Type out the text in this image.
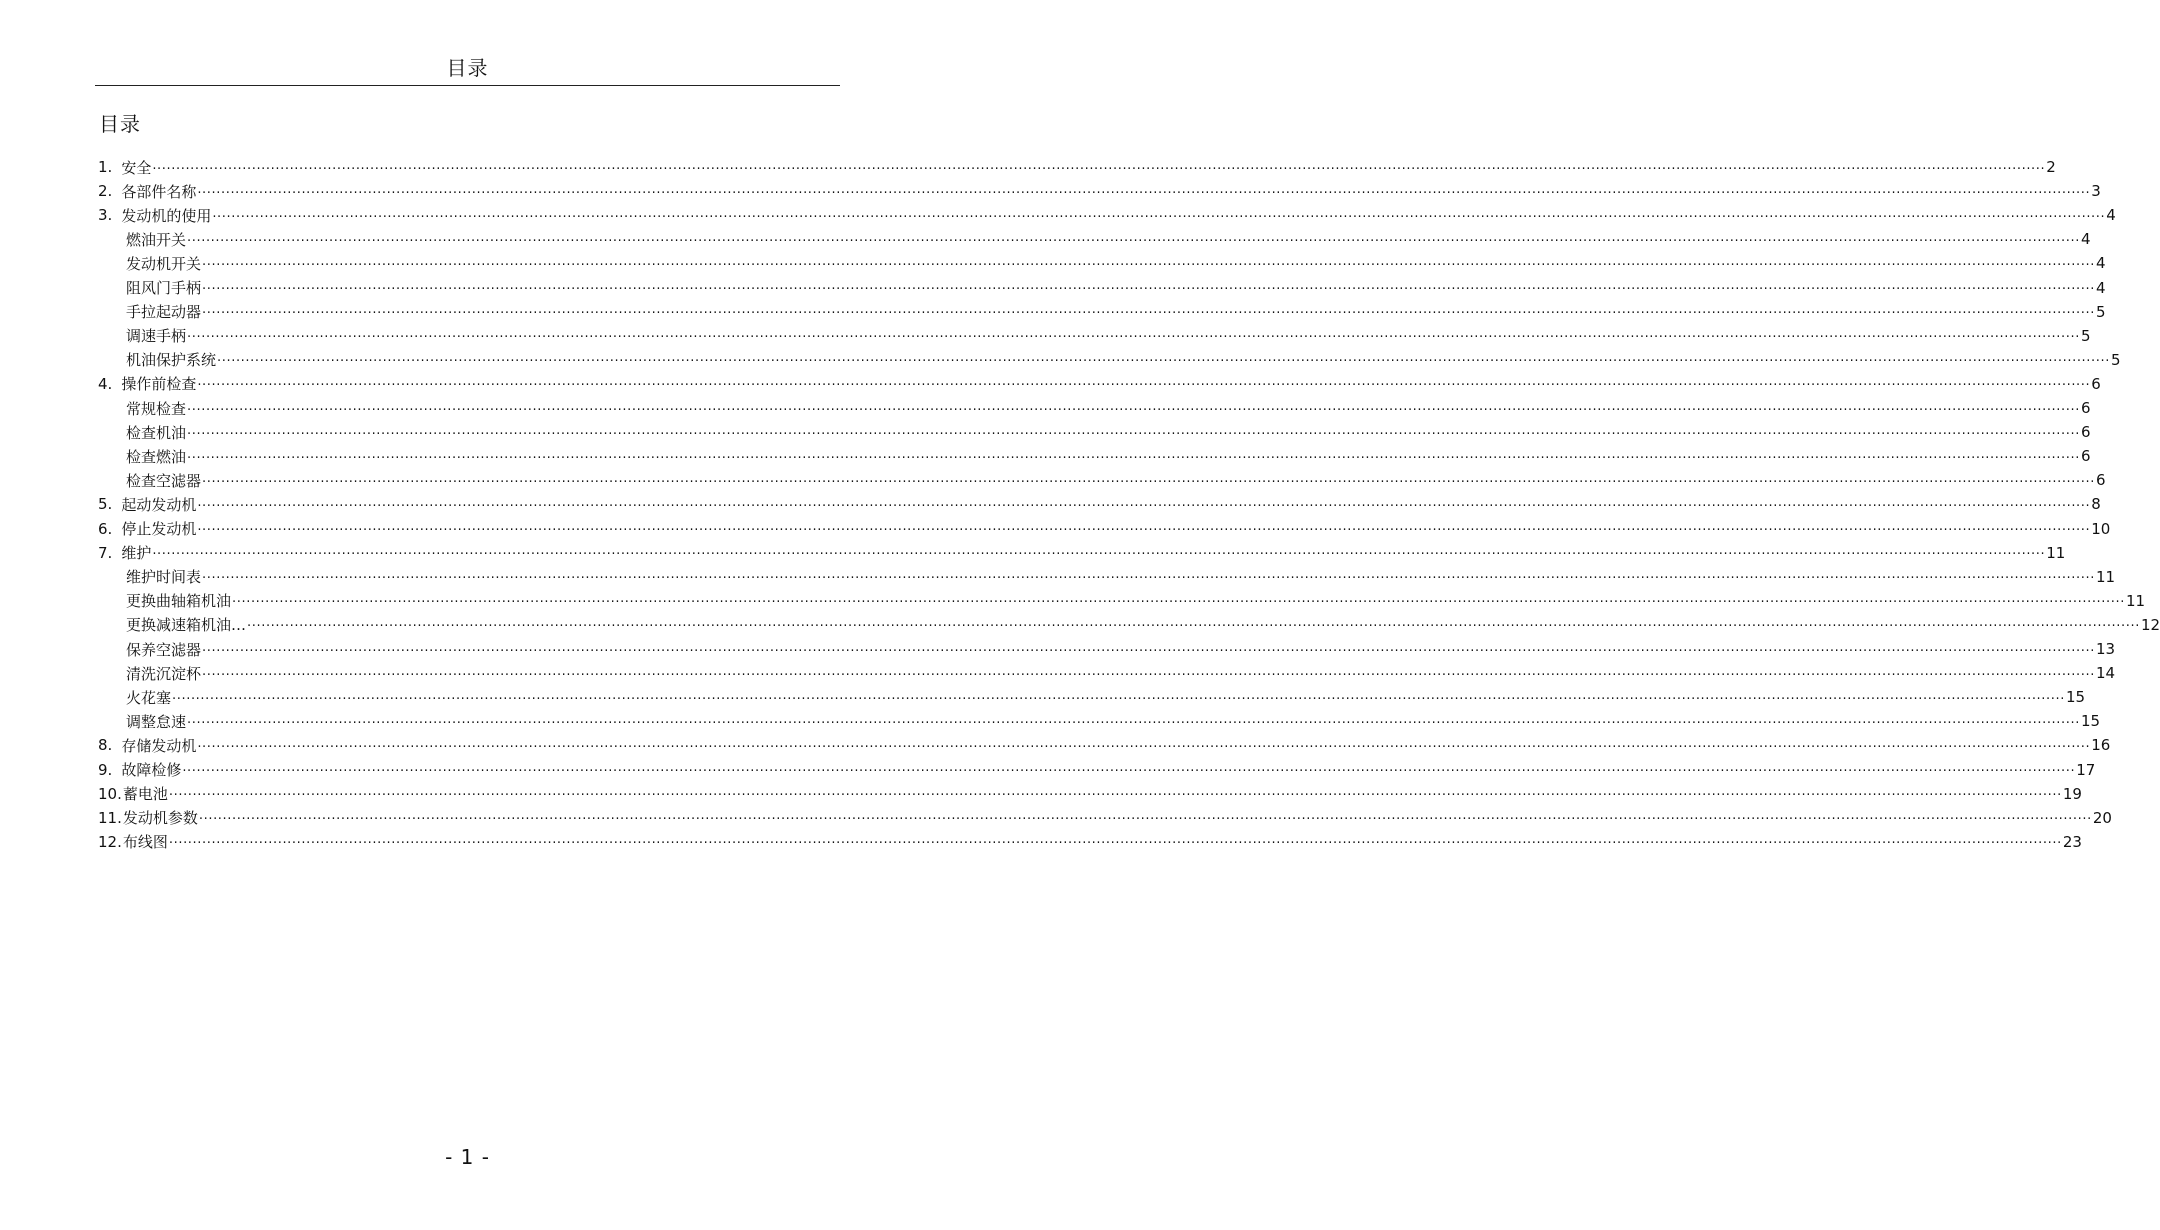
目录
目录
1. 安全 ................................................................................................................................................................................................................................................................................................................................................................................................................ 2
2. 各部件名称 ................................................................................................................................................................................................................................................................................................................................................................................................................ 3
3. 发动机的使用 ................................................................................................................................................................................................................................................................................................................................................................................................................ 4
燃油开关 ................................................................................................................................................................................................................................................................................................................................................................................................................ 4
发动机开关 ................................................................................................................................................................................................................................................................................................................................................................................................................ 4
阻风门手柄 ................................................................................................................................................................................................................................................................................................................................................................................................................ 4
手拉起动器 ................................................................................................................................................................................................................................................................................................................................................................................................................ 5
调速手柄 ................................................................................................................................................................................................................................................................................................................................................................................................................ 5
机油保护系统 ................................................................................................................................................................................................................................................................................................................................................................................................................ 5
4. 操作前检查 ................................................................................................................................................................................................................................................................................................................................................................................................................ 6
常规检查 ................................................................................................................................................................................................................................................................................................................................................................................................................ 6
检查机油 ................................................................................................................................................................................................................................................................................................................................................................................................................ 6
检查燃油 ................................................................................................................................................................................................................................................................................................................................................................................................................ 6
检查空滤器 ................................................................................................................................................................................................................................................................................................................................................................................................................ 6
5. 起动发动机 ................................................................................................................................................................................................................................................................................................................................................................................................................ 8
6. 停止发动机 ................................................................................................................................................................................................................................................................................................................................................................................................................ 10
7. 维护 ................................................................................................................................................................................................................................................................................................................................................................................................................ 11
维护时间表 ................................................................................................................................................................................................................................................................................................................................................................................................................ 11
更换曲轴箱机油 ................................................................................................................................................................................................................................................................................................................................................................................................................ 11
更换减速箱机油… ................................................................................................................................................................................................................................................................................................................................................................................................................ 12
保养空滤器 ................................................................................................................................................................................................................................................................................................................................................................................................................ 13
清洗沉淀杯 ................................................................................................................................................................................................................................................................................................................................................................................................................ 14
火花塞 ................................................................................................................................................................................................................................................................................................................................................................................................................ 15
调整怠速 ................................................................................................................................................................................................................................................................................................................................................................................................................ 15
8. 存储发动机 ................................................................................................................................................................................................................................................................................................................................................................................................................ 16
9. 故障检修 ................................................................................................................................................................................................................................................................................................................................................................................................................ 17
10. 蓄电池 ................................................................................................................................................................................................................................................................................................................................................................................................................ 19
11. 发动机参数 ................................................................................................................................................................................................................................................................................................................................................................................................................ 20
12. 布线图 ................................................................................................................................................................................................................................................................................................................................................................................................................ 23
- 1 -
